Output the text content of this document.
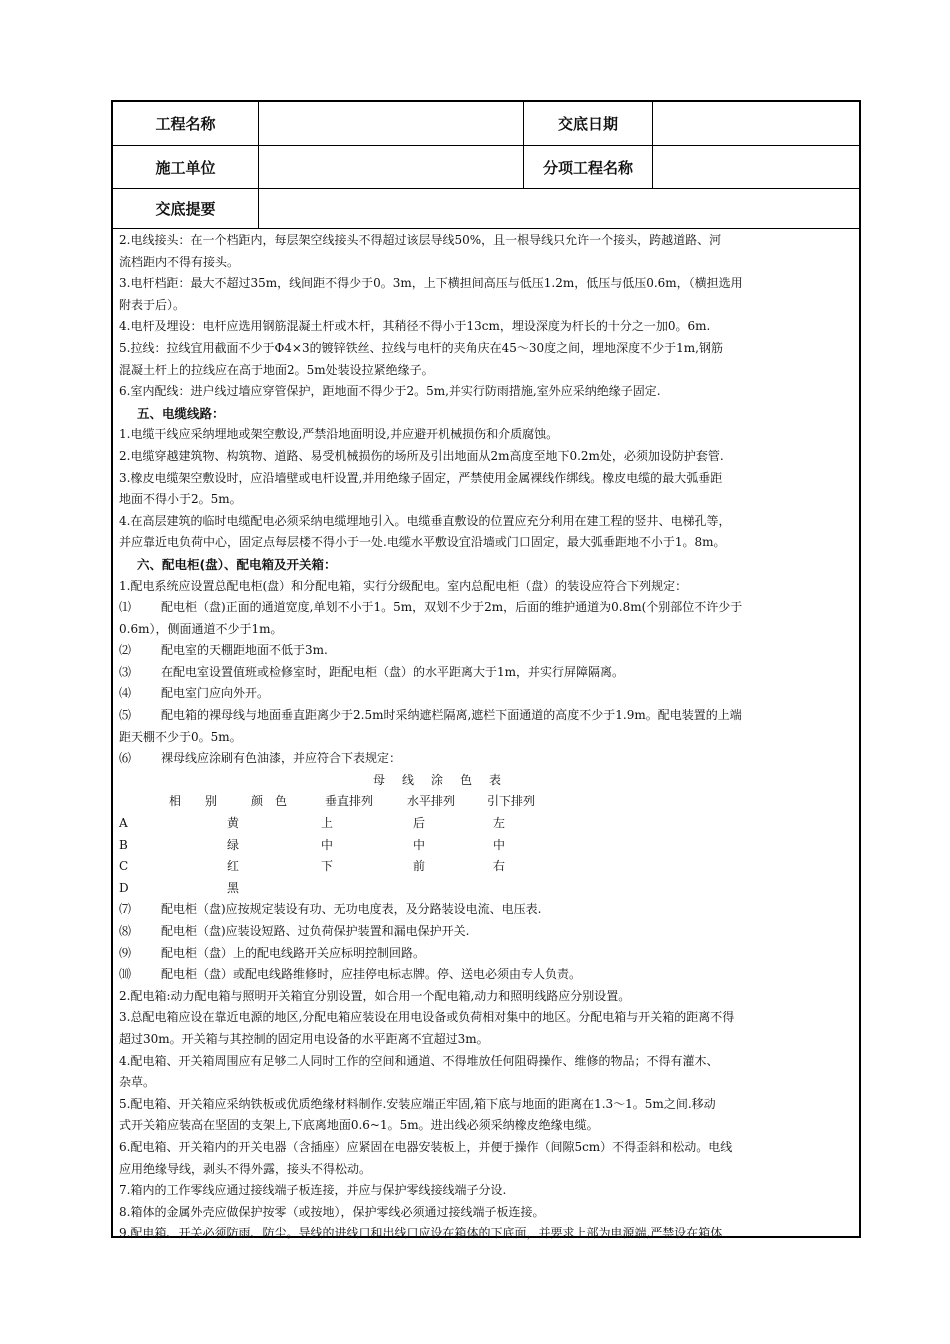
工程名称	交底日期
施工单位	分项工程名称
交底提要

2.电线接头：在一个档距内，每层架空线接头不得超过该层导线50%，且一根导线只允许一个接头，跨越道路、河

流档距内不得有接头。

3.电杆档距：最大不超过35m，线间距不得少于0。3m，上下横担间高压与低压1.2m，低压与低压0.6m，（横担选用

附表于后）。

4.电杆及埋设：电杆应选用钢筋混凝土杆或木杆，其稍径不得小于13cm，埋设深度为杆长的十分之一加0。6m.

5.拉线：拉线宜用截面不少于Φ4×3的镀锌铁丝、拉线与电杆的夹角庆在45～30度之间，埋地深度不少于1m,钢筋

混凝土杆上的拉线应在高于地面2。5m处装设拉紧绝缘子。

6.室内配线：进户线过墙应穿管保护，距地面不得少于2。5m,并实行防雨措施,室外应采纳绝缘子固定.

五、电缆线路：

1.电缆干线应采纳埋地或架空敷设,严禁沿地面明设,并应避开机械损伤和介质腐蚀。

2.电缆穿越建筑物、构筑物、道路、易受机械损伤的场所及引出地面从2m高度至地下0.2m处，必须加设防护套管.

3.橡皮电缆架空敷设时，应沿墙壁或电杆设置,并用绝缘子固定，严禁使用金属裸线作绑线。橡皮电缆的最大弧垂距

地面不得小于2。5m。

4.在高层建筑的临时电缆配电必须采纳电缆埋地引入。电缆垂直敷设的位置应充分利用在建工程的竖井、电梯孔等，

并应靠近电负荷中心，固定点每层楼不得小于一处.电缆水平敷设宜沿墙或门口固定，最大弧垂距地不小于1。8m。

六、配电柜(盘）、配电箱及开关箱：

1.配电系统应设置总配电柜(盘）和分配电箱，实行分级配电。室内总配电柜（盘）的装设应符合下列规定：

⑴ 配电柜（盘)正面的通道宽度,单划不小于1。5m，双划不少于2m，后面的维护通道为0.8m(个别部位不许少于

0.6m），侧面通道不少于1m。

⑵ 配电室的天棚距地面不低于3m.

⑶ 在配电室设置值班或检修室时，距配电柜（盘）的水平距离大于1m，并实行屏障隔离。

⑷ 配电室门应向外开。

⑸ 配电箱的裸母线与地面垂直距离少于2.5m时采纳遮栏隔离,遮栏下面通道的高度不少于1.9m。配电装置的上端

距天棚不少于0。5m。

⑹ 裸母线应涂刷有色油漆，并应符合下表规定：

母线涂色表
相　　别	颜　色	垂直排列	水平排列	引下排列
A	黄	上	后	左
B	绿	中	中	中
C	红	下	前	右
D	黑

⑺ 配电柜（盘)应按规定装设有功、无功电度表，及分路装设电流、电压表.

⑻ 配电柜（盘)应装设短路、过负荷保护装置和漏电保护开关.

⑼ 配电柜（盘）上的配电线路开关应标明控制回路。

⑽ 配电柜（盘）或配电线路维修时，应挂停电标志牌。停、送电必须由专人负责。

2.配电箱:动力配电箱与照明开关箱宜分别设置，如合用一个配电箱,动力和照明线路应分别设置。

3.总配电箱应设在靠近电源的地区,分配电箱应装设在用电设备或负荷相对集中的地区。分配电箱与开关箱的距离不得

超过30m。开关箱与其控制的固定用电设备的水平距离不宜超过3m。

4.配电箱、开关箱周围应有足够二人同时工作的空间和通道、不得堆放任何阻碍操作、维修的物品；不得有灌木、

杂草。

5.配电箱、开关箱应采纳铁板或优质绝缘材料制作.安装应端正牢固,箱下底与地面的距离在1.3～1。5m之间.移动

式开关箱应装高在坚固的支架上,下底离地面0.6~1。5m。进出线必须采纳橡皮绝缘电缆。

6.配电箱、开关箱内的开关电器（含插座）应紧固在电器安装板上，并便于操作（间隙5cm）不得歪斜和松动。电线

应用绝缘导线，剥头不得外露，接头不得松动。

7.箱内的工作零线应通过接线端子板连接，并应与保护零线接线端子分设.

8.箱体的金属外壳应做保护按零（或按地），保护零线必须通过接线端子板连接。

9.配电箱、开关必须防雨、防尘。导线的进线口和出线口应设在箱体的下底面，并要求上部为电源端,严禁设在箱体
